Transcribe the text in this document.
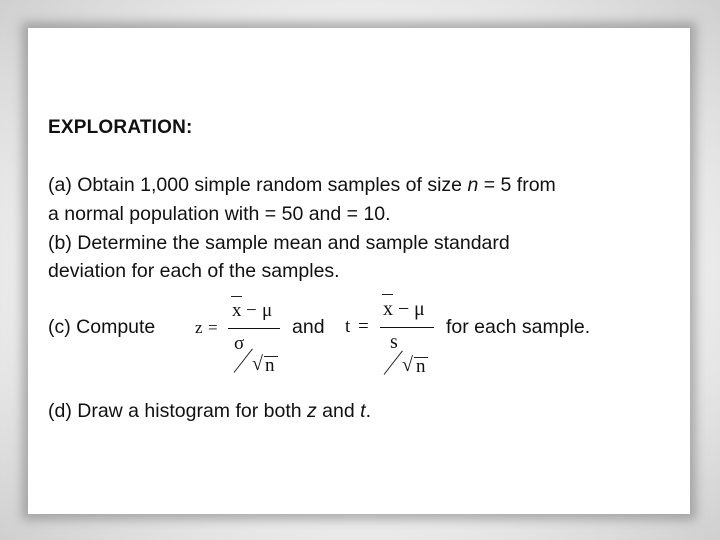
EXPLORATION:
(a) Obtain 1,000 simple random samples of size n = 5 from
a normal population with = 50 and = 10.
(b) Determine the sample mean and sample standard
deviation for each of the samples.
(c) Compute	and	for each sample.
z =
x − μ
σ
√ n
t =
x − μ
s
√ n
(d) Draw a histogram for both z and t.
